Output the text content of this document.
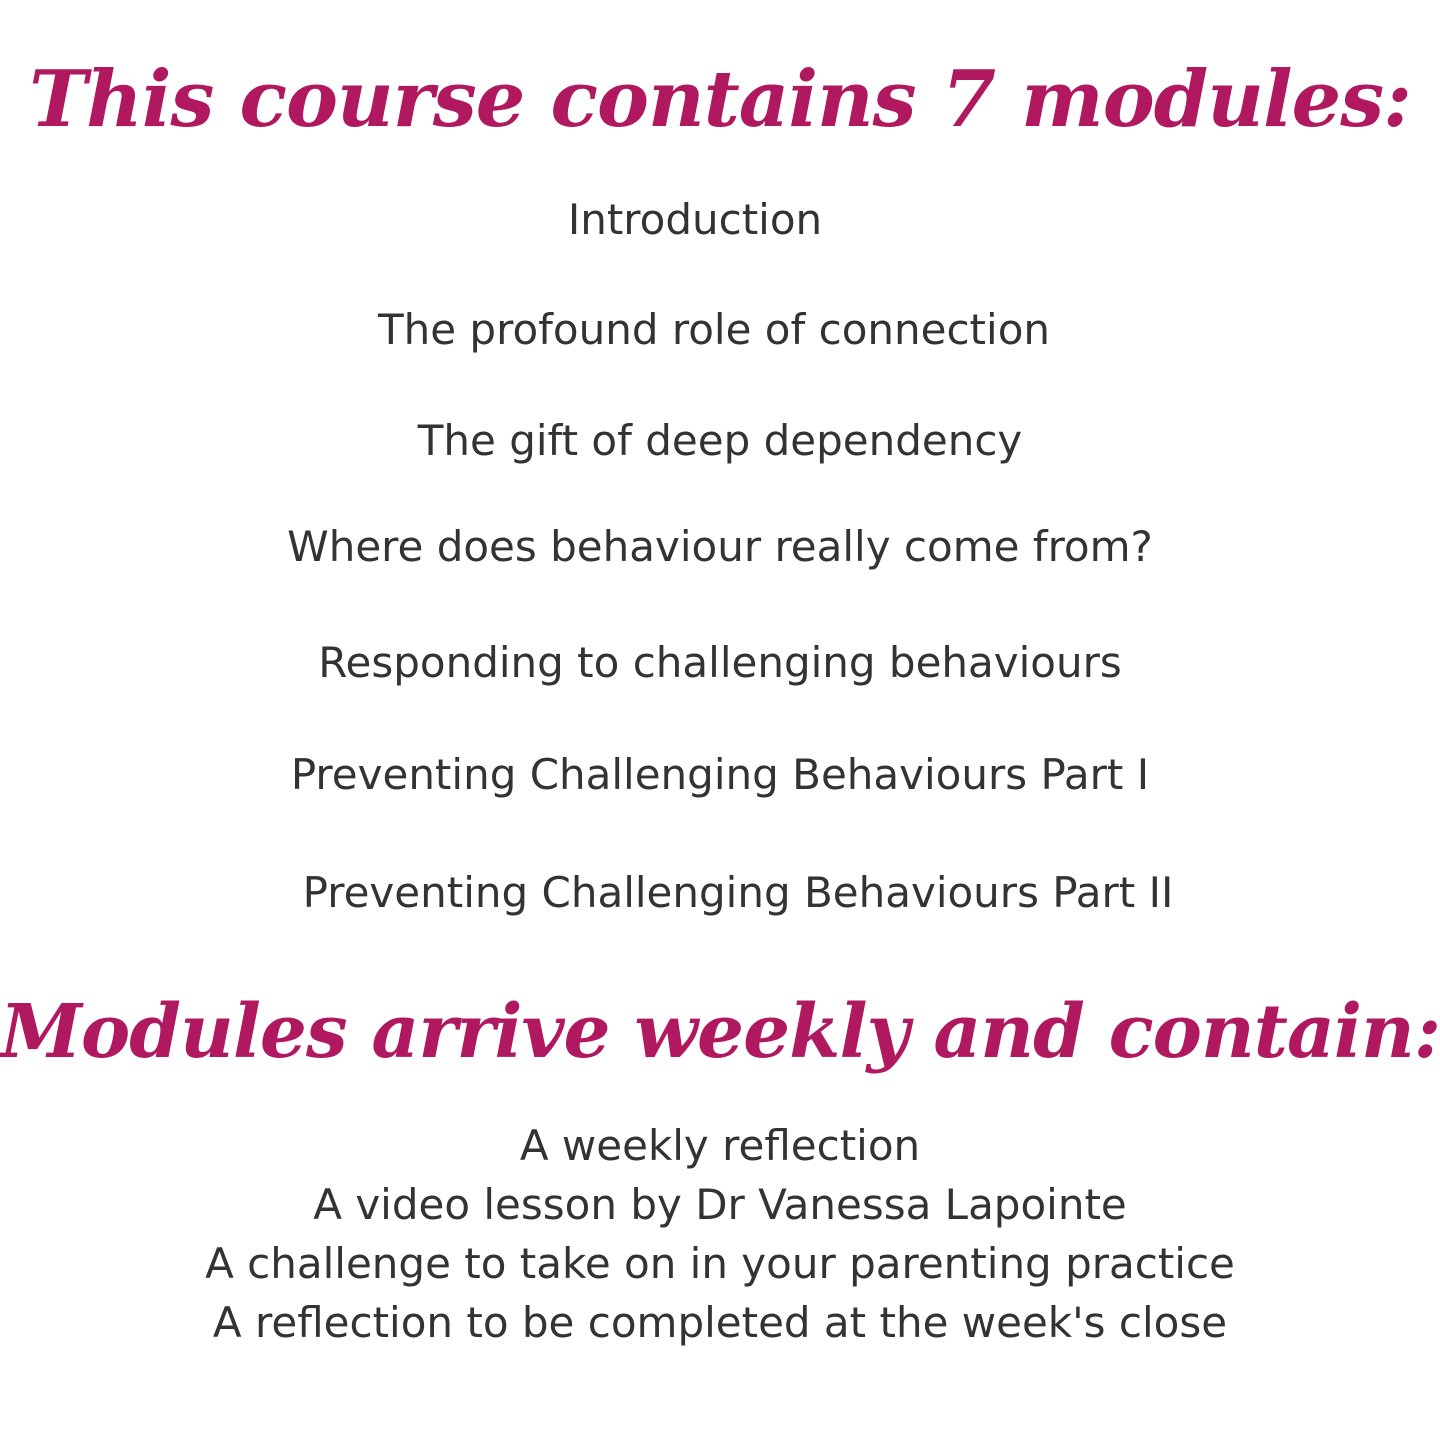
This course contains 7 modules:
Introduction
The profound role of connection
The gift of deep dependency
Where does behaviour really come from?
Responding to challenging behaviours
Preventing Challenging Behaviours Part I
Preventing Challenging Behaviours Part II
Modules arrive weekly and contain:
A weekly reflection
A video lesson by Dr Vanessa Lapointe
A challenge to take on in your parenting practice
A reflection to be completed at the week's close
